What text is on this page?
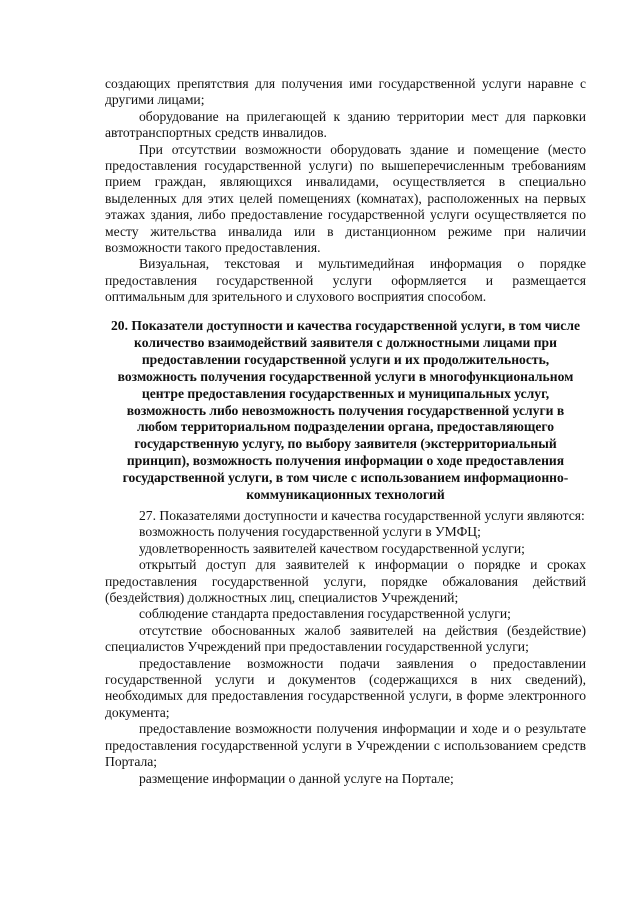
создающих препятствия для получения ими государственной услуги наравне с другими лицами;

оборудование на прилегающей к зданию территории мест для парковки автотранспортных средств инвалидов.

При отсутствии возможности оборудовать здание и помещение (место предоставления государственной услуги) по вышеперечисленным требованиям прием граждан, являющихся инвалидами, осуществляется в специально выделенных для этих целей помещениях (комнатах), расположенных на первых этажах здания, либо предоставление государственной услуги осуществляется по месту жительства инвалида или в дистанционном режиме при наличии возможности такого предоставления.

Визуальная, текстовая и мультимедийная информация о порядке предоставления государственной услуги оформляется и размещается оптимальным для зрительного и слухового восприятия способом.

20. Показатели доступности и качества государственной услуги, в том числе количество взаимодействий заявителя с должностными лицами при предоставлении государственной услуги и их продолжительность, возможность получения государственной услуги в многофункциональном центре предоставления государственных и муниципальных услуг, возможность либо невозможность получения государственной услуги в любом территориальном подразделении органа, предоставляющего государственную услугу, по выбору заявителя (экстерриториальный принцип), возможность получения информации о ходе предоставления государственной услуги, в том числе с использованием информационно-коммуникационных технологий

27. Показателями доступности и качества государственной услуги являются:

возможность получения государственной услуги в УМФЦ;

удовлетворенность заявителей качеством государственной услуги;

открытый доступ для заявителей к информации о порядке и сроках предоставления государственной услуги, порядке обжалования действий (бездействия) должностных лиц, специалистов Учреждений;

соблюдение стандарта предоставления государственной услуги;

отсутствие обоснованных жалоб заявителей на действия (бездействие) специалистов Учреждений при предоставлении государственной услуги;

предоставление возможности подачи заявления о предоставлении государственной услуги и документов (содержащихся в них сведений), необходимых для предоставления государственной услуги, в форме электронного документа;

предоставление возможности получения информации и ходе и о результате предоставления государственной услуги в Учреждении с использованием средств Портала;

размещение информации о данной услуге на Портале;
